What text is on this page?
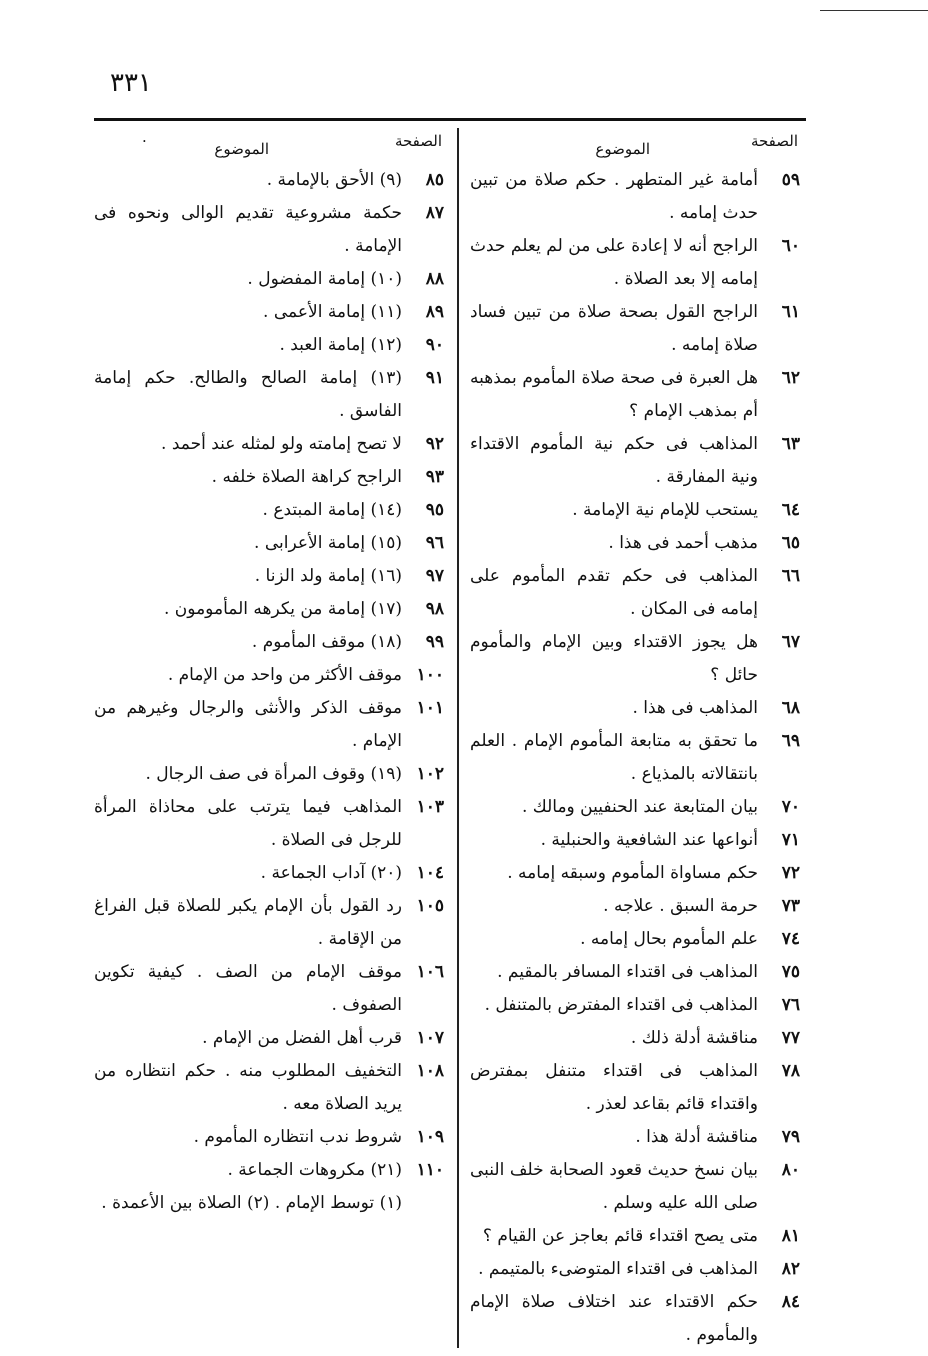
٣٣١
الصفحة
الموضوع
٥٩
أمامة غير المتطهر . حكم صلاة من تبين حدث إمامه .
٦٠
الراجح أنه لا إعادة على من لم يعلم حدث إمامه إلا بعد الصلاة .
٦١
الراجح القول بصحة صلاة من تبين فساد صلاة إمامه .
٦٢
هل العبرة فى صحة صلاة المأموم بمذهبه أم بمذهب الإمام ؟
٦٣
المذاهب فى حكم نية المأموم الاقتداء ونية المفارقة .
٦٤
يستحب للإمام نية الإمامة .
٦٥
مذهب أحمد فى هذا .
٦٦
المذاهب فى حكم تقدم المأموم على إمامه فى المكان .
٦٧
هل يجوز الاقتداء وبين الإمام والمأموم حائل ؟
٦٨
المذاهب فى هذا .
٦٩
ما تحقق به متابعة المأموم الإمام . العلم بانتقالاته بالمذياع .
٧٠
بيان المتابعة عند الحنفيين ومالك .
٧١
أنواعها عند الشافعية والحنبلية .
٧٢
حكم مساواة المأموم وسبقه إمامه .
٧٣
حرمة السبق . علاجه .
٧٤
علم المأموم بحال إمامه .
٧٥
المذاهب فى اقتداء المسافر بالمقيم .
٧٦
المذاهب فى اقتداء المفترض بالمتنفل .
٧٧
مناقشة أدلة ذلك .
٧٨
المذاهب فى اقتداء متنفل بمفترض واقتداء قائم بقاعد لعذر .
٧٩
مناقشة أدلة هذا .
٨٠
بيان نسخ حديث قعود الصحابة خلف النبى صلى الله عليه وسلم .
٨١
متى يصح اقتداء قائم بعاجز عن القيام ؟
٨٢
المذاهب فى اقتداء المتوضىء بالمتيمم .
٨٤
حكم الاقتداء عند اختلاف صلاة الإمام والمأموم .
الصفحة
الموضوع
·
٨٥
(٩) الأحق بالإمامة .
٨٧
حكمة مشروعية تقديم الوالى ونحوه فى الإمامة .
٨٨
(١٠) إمامة المفضول .
٨٩
(١١) إمامة الأعمى .
٩٠
(١٢) إمامة العبد .
٩١
(١٣) إمامة الصالح والطالح. حكم إمامة الفاسق .
٩٢
لا تصح إمامته ولو لمثله عند أحمد .
٩٣
الراجح كراهة الصلاة خلفه .
٩٥
(١٤) إمامة المبتدع .
٩٦
(١٥) إمامة الأعرابى .
٩٧
(١٦) إمامة ولد الزنا .
٩٨
(١٧) إمامة من يكرهه المأمومون .
٩٩
(١٨) موقف المأموم .
١٠٠
موقف الأكثر من واحد من الإمام .
١٠١
موقف الذكر والأنثى والرجال وغيرهم من الإمام .
١٠٢
(١٩) وقوف المرأة فى صف الرجال .
١٠٣
المذاهب فيما يترتب على محاذاة المرأة للرجل فى الصلاة .
١٠٤
(٢٠) آداب الجماعة .
١٠٥
رد القول بأن الإمام يكبر للصلاة قبل الفراغ من الإقامة .
١٠٦
موقف الإمام من الصف . كيفية تكوين الصفوف .
١٠٧
قرب أهل الفضل من الإمام .
١٠٨
التخفيف المطلوب منه . حكم انتظاره من يريد الصلاة معه .
١٠٩
شروط ندب انتظاره المأموم .
١١٠
(٢١) مكروهات الجماعة .
(١) توسط الإمام . (٢) الصلاة بين الأعمدة .
